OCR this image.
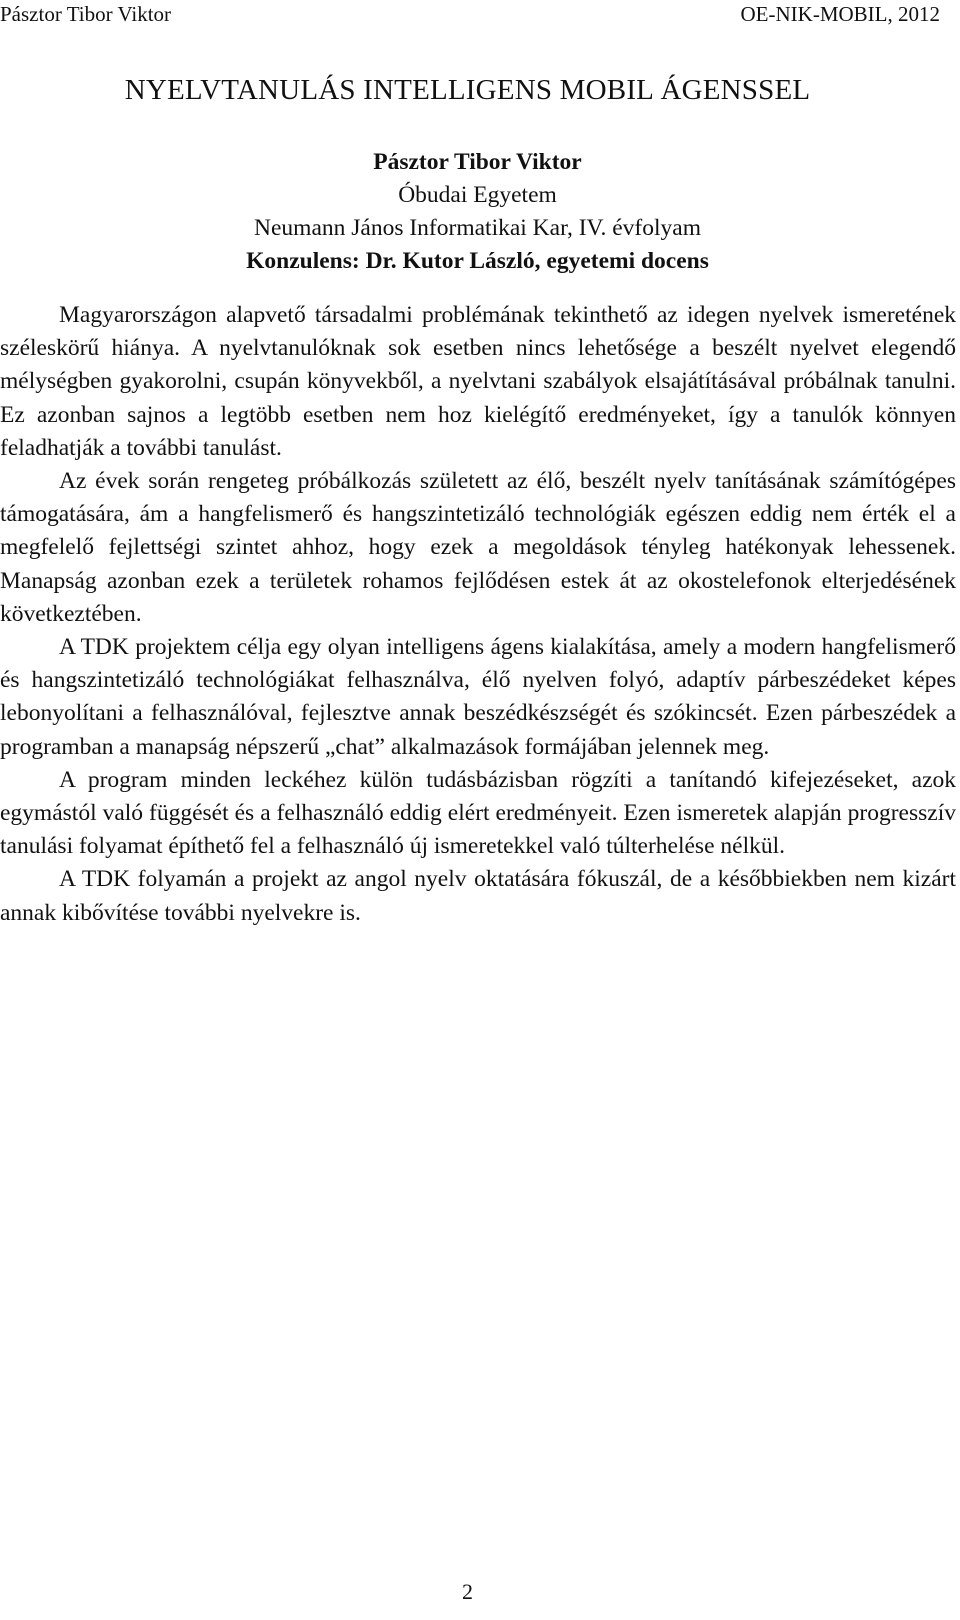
Pásztor Tibor Viktor	OE-NIK-MOBIL, 2012
NYELVTANULÁS INTELLIGENS MOBIL ÁGENSSEL
Pásztor Tibor Viktor
Óbudai Egyetem
Neumann János Informatikai Kar, IV. évfolyam
Konzulens: Dr. Kutor László, egyetemi docens

Magyarországon alapvető társadalmi problémának tekinthető az idegen nyelvek ismeretének széleskörű hiánya. A nyelvtanulóknak sok esetben nincs lehetősége a beszélt nyelvet elegendő mélységben gyakorolni, csupán könyvekből, a nyelvtani szabályok elsajátításával próbálnak tanulni. Ez azonban sajnos a legtöbb esetben nem hoz kielégítő eredményeket, így a tanulók könnyen feladhatják a további tanulást.

Az évek során rengeteg próbálkozás született az élő, beszélt nyelv tanításának számítógépes támogatására, ám a hangfelismerő és hangszintetizáló technológiák egészen eddig nem érték el a megfelelő fejlettségi szintet ahhoz, hogy ezek a megoldások tényleg hatékonyak lehessenek. Manapság azonban ezek a területek rohamos fejlődésen estek át az okostelefonok elterjedésének következtében.

A TDK projektem célja egy olyan intelligens ágens kialakítása, amely a modern hangfelismerő és hangszintetizáló technológiákat felhasználva, élő nyelven folyó, adaptív párbeszédeket képes lebonyolítani a felhasználóval, fejlesztve annak beszédkészségét és szókincsét. Ezen párbeszédek a programban a manapság népszerű „chat” alkalmazások formájában jelennek meg.

A program minden leckéhez külön tudásbázisban rögzíti a tanítandó kifejezéseket, azok egymástól való függését és a felhasználó eddig elért eredményeit. Ezen ismeretek alapján progresszív tanulási folyamat építhető fel a felhasználó új ismeretekkel való túlterhelése nélkül.

A TDK folyamán a projekt az angol nyelv oktatására fókuszál, de a későbbiekben nem kizárt annak kibővítése további nyelvekre is.

2
